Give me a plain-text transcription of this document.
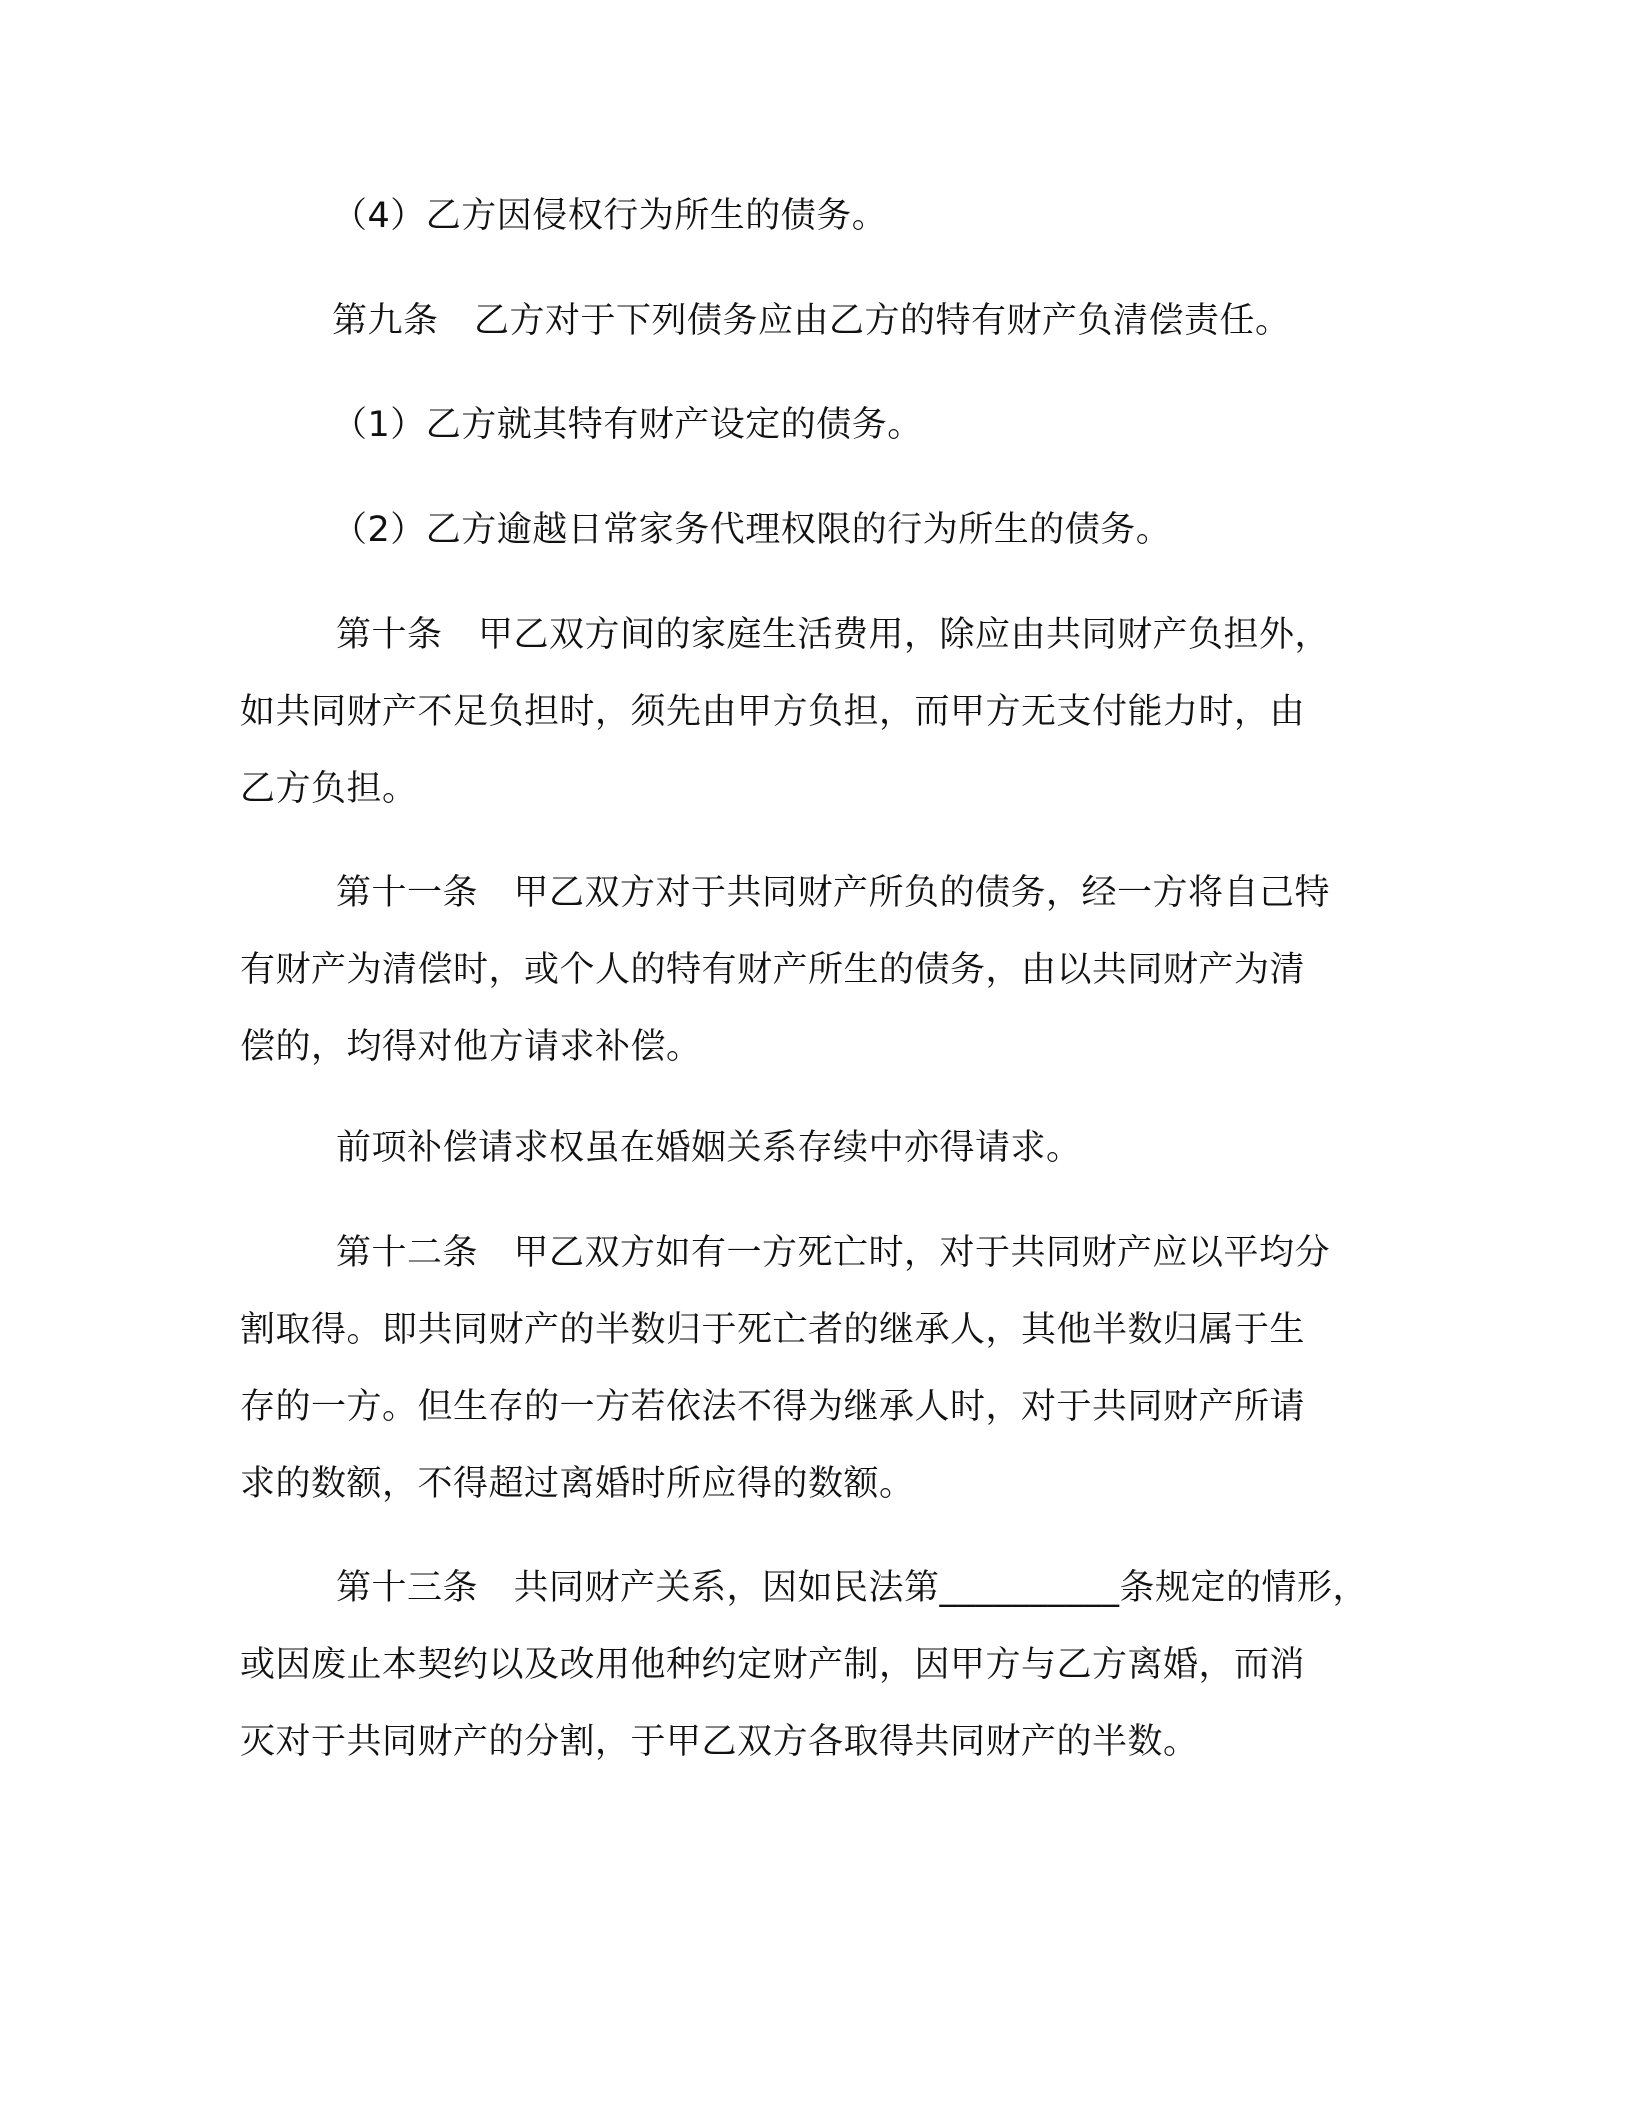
（4）乙方因侵权行为所生的债务。

第九条　乙方对于下列债务应由乙方的特有财产负清偿责任。

（1）乙方就其特有财产设定的债务。

（2）乙方逾越日常家务代理权限的行为所生的债务。

第十条　甲乙双方间的家庭生活费用，除应由共同财产负担外，
如共同财产不足负担时，须先由甲方负担，而甲方无支付能力时，由
乙方负担。

第十一条　甲乙双方对于共同财产所负的债务，经一方将自己特
有财产为清偿时，或个人的特有财产所生的债务，由以共同财产为清
偿的，均得对他方请求补偿。

前项补偿请求权虽在婚姻关系存续中亦得请求。

第十二条　甲乙双方如有一方死亡时，对于共同财产应以平均分
割取得。即共同财产的半数归于死亡者的继承人，其他半数归属于生
存的一方。但生存的一方若依法不得为继承人时，对于共同财产所请
求的数额，不得超过离婚时所应得的数额。

第十三条　共同财产关系，因如民法第__________条规定的情形，
或因废止本契约以及改用他种约定财产制，因甲方与乙方离婚，而消
灭对于共同财产的分割，于甲乙双方各取得共同财产的半数。
